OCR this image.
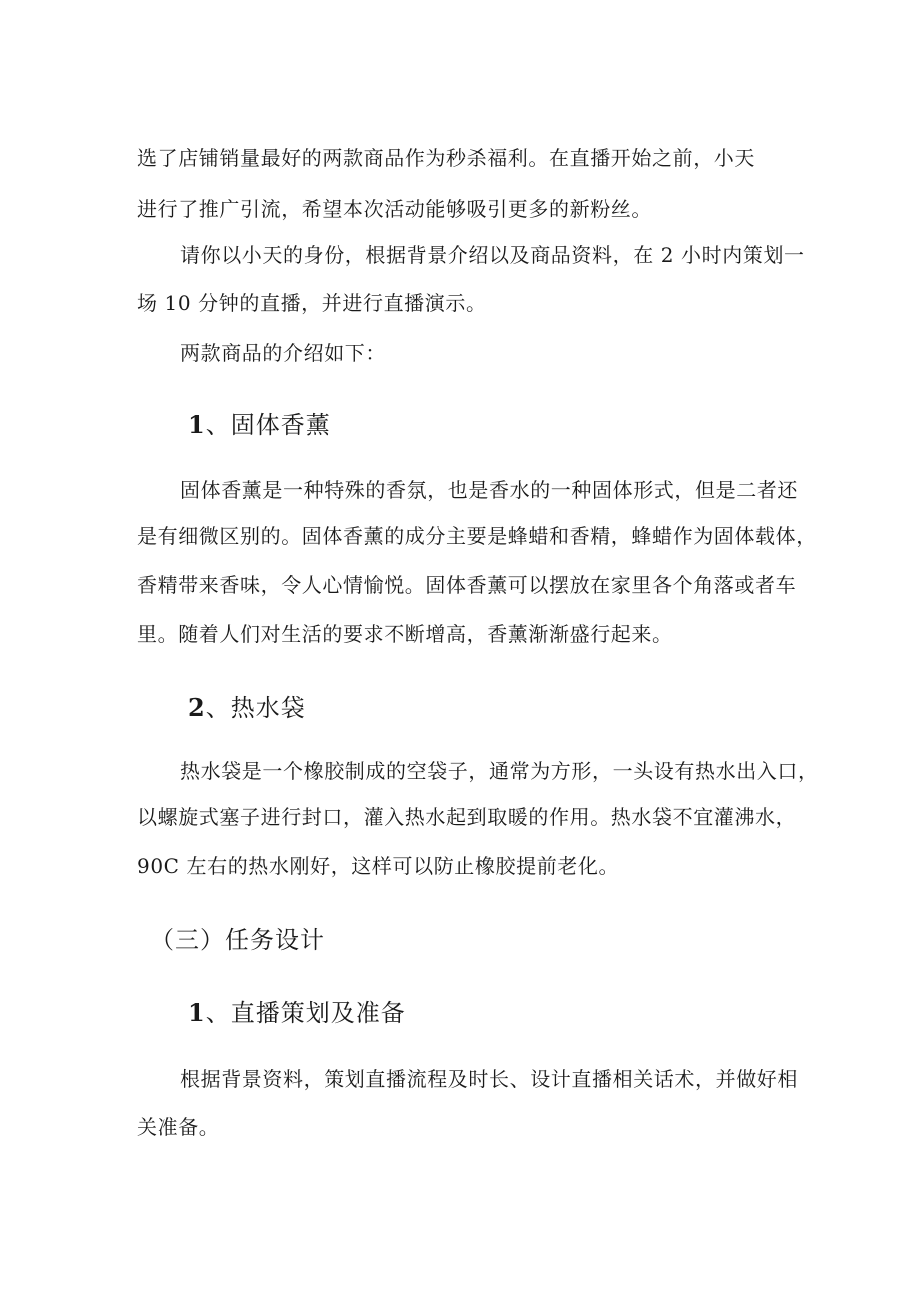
选了店铺销量最好的两款商品作为秒杀福利。在直播开始之前，小天
进行了推广引流，希望本次活动能够吸引更多的新粉丝。
请你以小天的身份，根据背景介绍以及商品资料，在 2 小时内策划一
场 10 分钟的直播，并进行直播演示。
两款商品的介绍如下：
1、固体香薰
固体香薰是一种特殊的香氛，也是香水的一种固体形式，但是二者还
是有细微区别的。固体香薰的成分主要是蜂蜡和香精，蜂蜡作为固体载体，
香精带来香味，令人心情愉悦。固体香薰可以摆放在家里各个角落或者车
里。随着人们对生活的要求不断增高，香薰渐渐盛行起来。
2、热水袋
热水袋是一个橡胶制成的空袋子，通常为方形，一头设有热水出入口，
以螺旋式塞子进行封口，灌入热水起到取暖的作用。热水袋不宜灌沸水，
90C 左右的热水刚好，这样可以防止橡胶提前老化。
（三）任务设计
1、直播策划及准备
根据背景资料，策划直播流程及时长、设计直播相关话术，并做好相
关准备。
